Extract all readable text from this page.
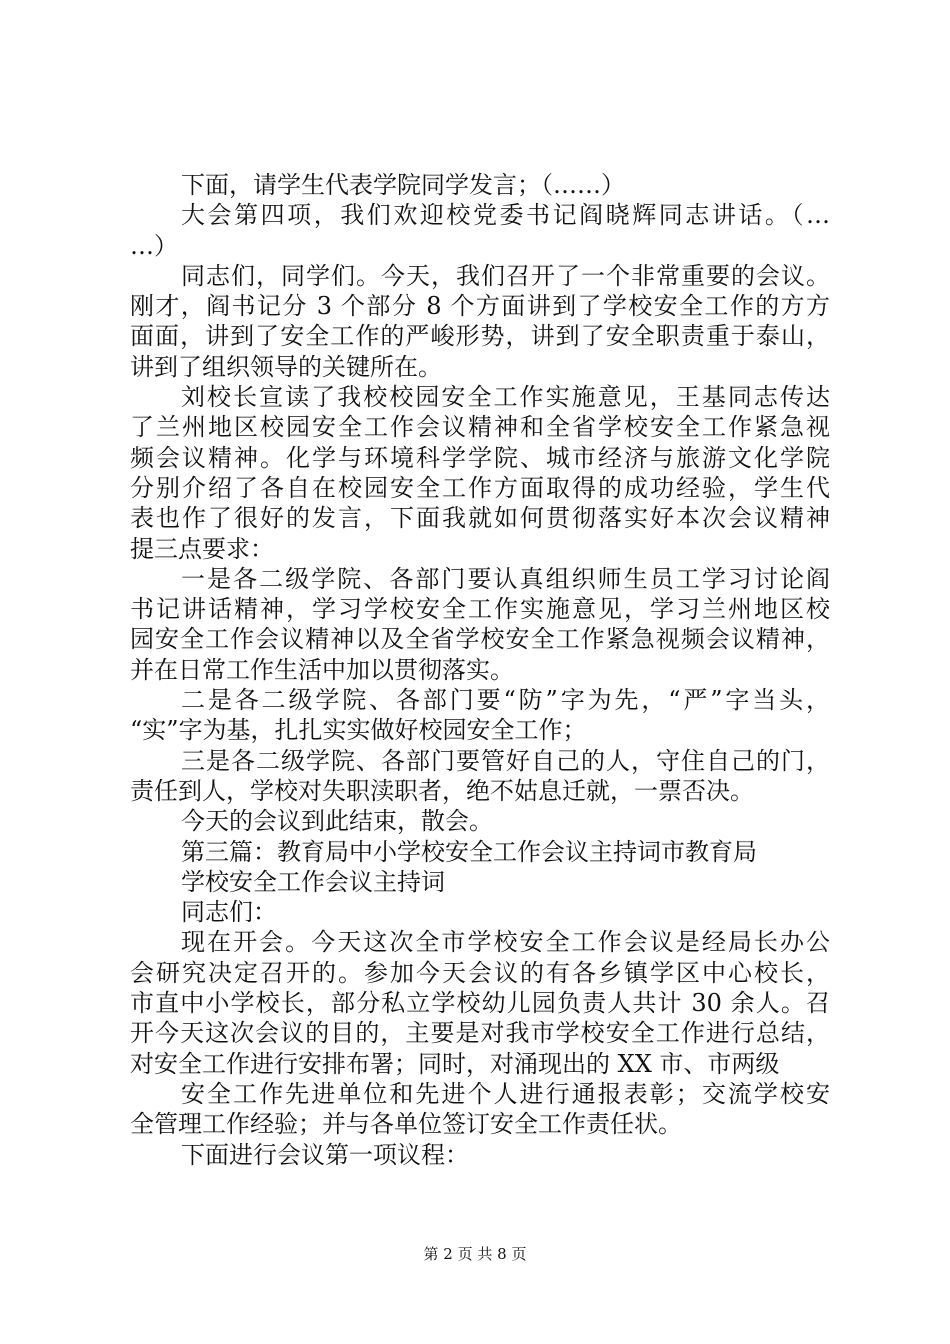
下面，请学生代表学院同学发言；（……）
大会第四项，我们欢迎校党委书记阎晓辉同志讲话。（…
…）
同志们，同学们。今天，我们召开了一个非常重要的会议。
刚才，阎书记分 3 个部分 8 个方面讲到了学校安全工作的方方
面面，讲到了安全工作的严峻形势，讲到了安全职责重于泰山，
讲到了组织领导的关键所在。
刘校长宣读了我校校园安全工作实施意见，王基同志传达
了兰州地区校园安全工作会议精神和全省学校安全工作紧急视
频会议精神。化学与环境科学学院、城市经济与旅游文化学院
分别介绍了各自在校园安全工作方面取得的成功经验，学生代
表也作了很好的发言，下面我就如何贯彻落实好本次会议精神
提三点要求：
一是各二级学院、各部门要认真组织师生员工学习讨论阎
书记讲话精神，学习学校安全工作实施意见，学习兰州地区校
园安全工作会议精神以及全省学校安全工作紧急视频会议精神，
并在日常工作生活中加以贯彻落实。
二是各二级学院、各部门要“防”字为先，“严”字当头，
“实”字为基，扎扎实实做好校园安全工作；
三是各二级学院、各部门要管好自己的人，守住自己的门，
责任到人，学校对失职渎职者，绝不姑息迁就，一票否决。
今天的会议到此结束，散会。
第三篇：教育局中小学校安全工作会议主持词市教育局
学校安全工作会议主持词
同志们：
现在开会。今天这次全市学校安全工作会议是经局长办公
会研究决定召开的。参加今天会议的有各乡镇学区中心校长，
市直中小学校长，部分私立学校幼儿园负责人共计 30 余人。召
开今天这次会议的目的，主要是对我市学校安全工作进行总结，
对安全工作进行安排布署；同时，对涌现出的 XX 市、市两级
安全工作先进单位和先进个人进行通报表彰；交流学校安
全管理工作经验；并与各单位签订安全工作责任状。
下面进行会议第一项议程：
第 2 页 共 8 页
